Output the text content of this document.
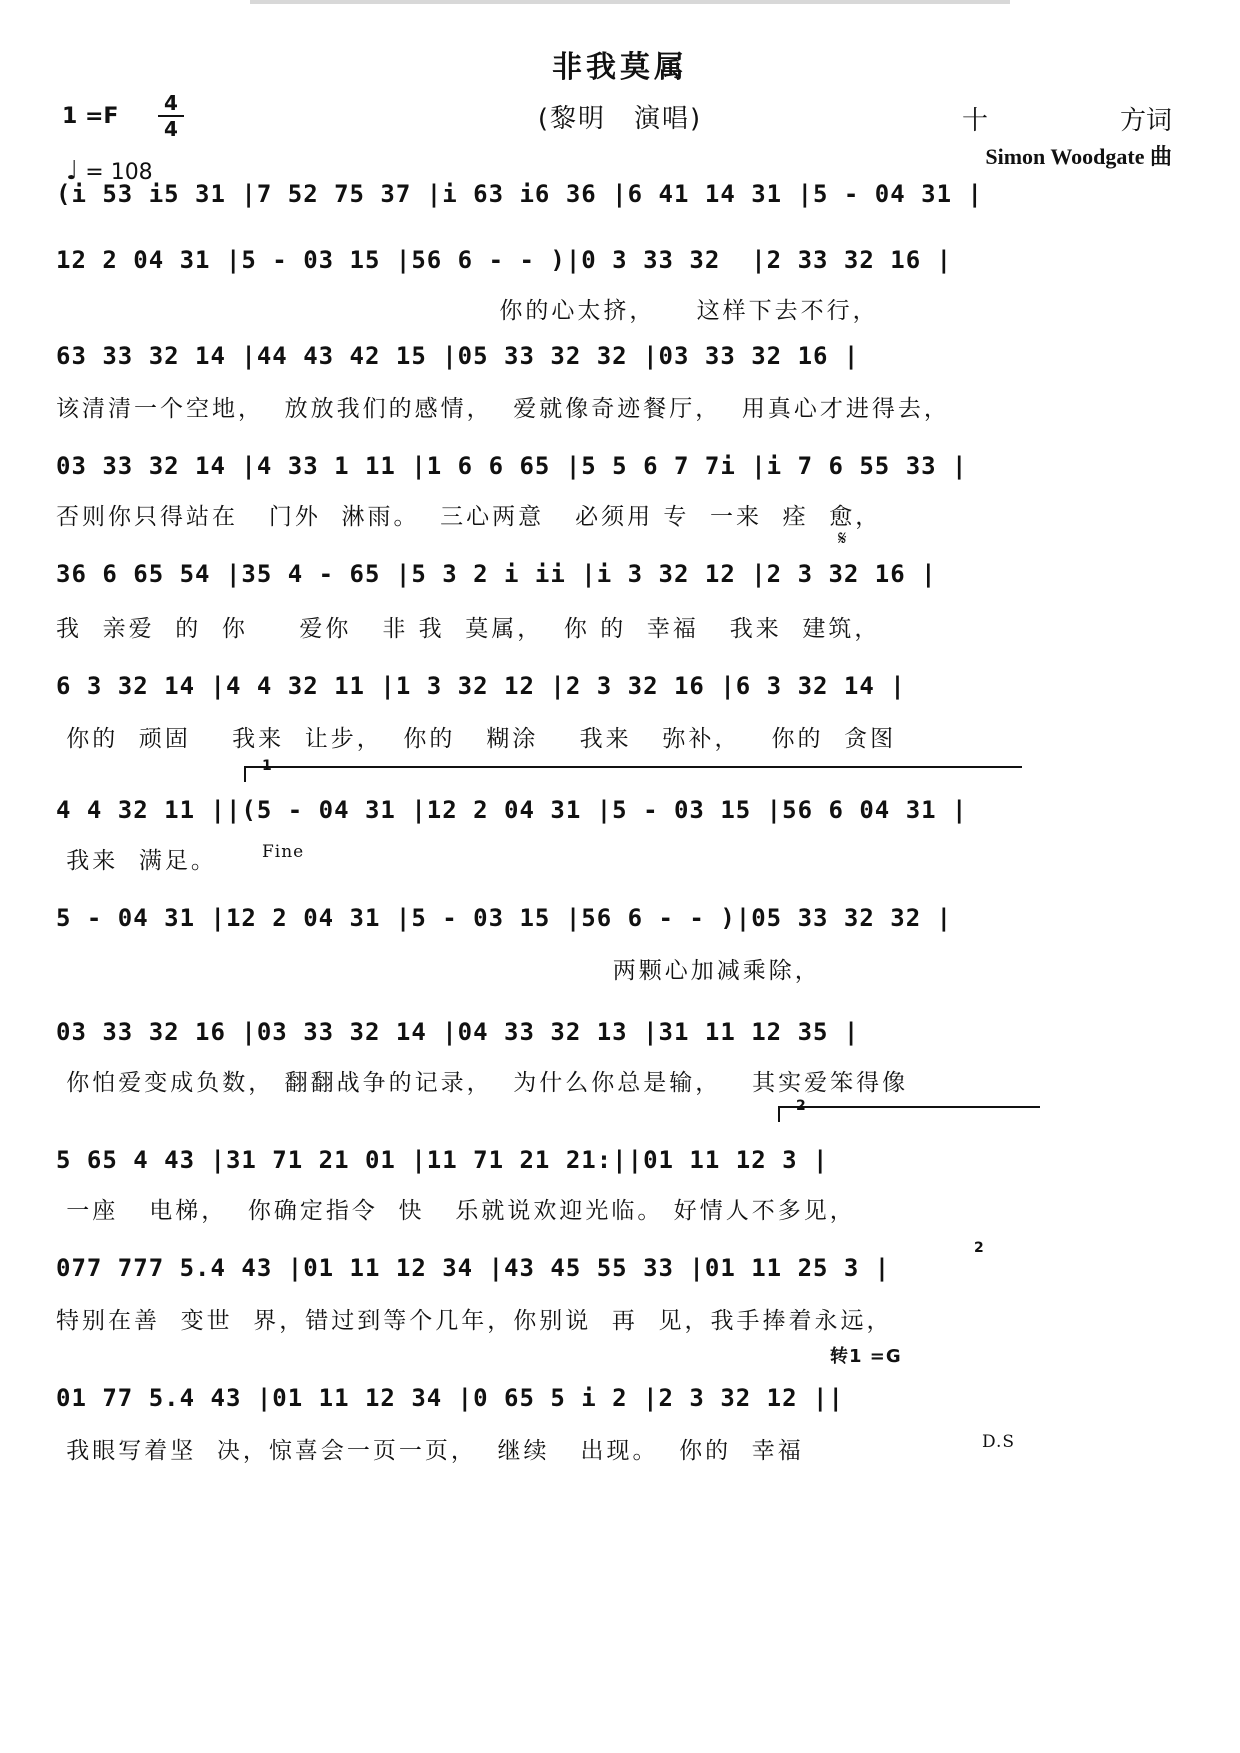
非我莫属
(黎明　演唱)
1 =F
4
4
♩ = 108
十	方词
Simon Woodgate 曲
(i 53 i5 31 |7 52 75 37 |i 63 i6 36 |6 41 14 31 |5 - 04 31 |
12 2 04 31 |5 - 03 15 |56 6 - - )|0 3 33 32  |2 33 32 16 |
你的心太挤，    这样下去不行，
63 33 32 14 |44 43 42 15 |05 33 32 32 |03 33 32 16 |
该清清一个空地，  放放我们的感情，  爱就像奇迹餐厅，  用真心才进得去，
03 33 32 14 |4 33 1 11 |1 6 6 65 |5 5 6 7 7i |i 7 6 55 33 |
否则你只得站在   门外  淋雨。  三心两意   必须用 专  一来  痊  愈，
𝄋
36 6 65 54 |35 4 - 65 |5 3 2 i ii |i 3 32 12 |2 3 32 16 |
我  亲爱  的  你     爱你   非 我  莫属，  你 的  幸福   我来  建筑，
6 3 32 14 |4 4 32 11 |1 3 32 12 |2 3 32 16 |6 3 32 14 |
你的  顽固    我来  让步，  你的   糊涂    我来   弥补，   你的  贪图
1
4 4 32 11 ||(5 - 04 31 |12 2 04 31 |5 - 03 15 |56 6 04 31 |
我来  满足。	Fine
5 - 04 31 |12 2 04 31 |5 - 03 15 |56 6 - - )|05 33 32 32 |
两颗心加减乘除，
03 33 32 16 |03 33 32 14 |04 33 32 13 |31 11 12 35 |
你怕爱变成负数， 翻翻战争的记录，  为什么你总是输，   其实爱笨得像
2
5 65 4 43 |31 71 21 01 |11 71 21 21:||01 11 12 3 |
一座   电梯，  你确定指令  快   乐就说欢迎光临。 好情人不多见，
2
077 777 5.4 43 |01 11 12 34 |43 45 55 33 |01 11 25 3 |
特别在善  变世  界，错过到等个几年，你别说  再  见，我手捧着永远，
转1 =G
01 77 5.4 43 |01 11 12 34 |0 65 5 i 2 |2 3 32 12 ||
我眼写着坚  决，惊喜会一页一页，  继续   出现。  你的  幸福	D.S
